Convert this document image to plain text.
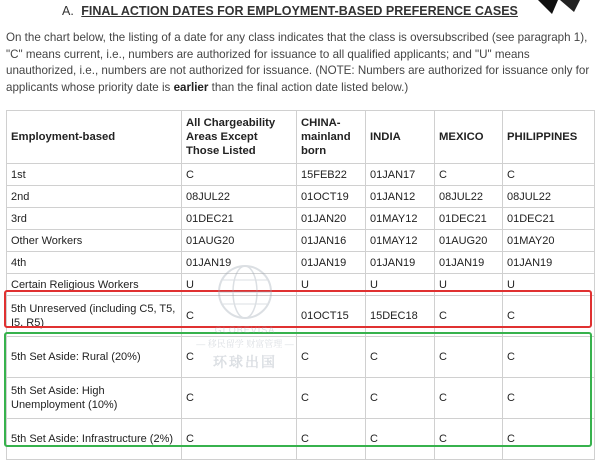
A. FINAL ACTION DATES FOR EMPLOYMENT-BASED PREFERENCE CASES
On the chart below, the listing of a date for any class indicates that the class is oversubscribed (see paragraph 1), "C" means current, i.e., numbers are authorized for issuance to all qualified applicants; and "U" means unauthorized, i.e., numbers are not authorized for issuance. (NOTE: Numbers are authorized for issuance only for applicants whose priority date is earlier than the final action date listed below.)
Employment-based	All Chargeability Areas Except Those Listed	CHINA-mainland born	INDIA	MEXICO	PHILIPPINES
1st	C	15FEB22	01JAN17	C	C
2nd	08JUL22	01OCT19	01JAN12	08JUL22	08JUL22
3rd	01DEC21	01JAN20	01MAY12	01DEC21	01DEC21
Other Workers	01AUG20	01JAN16	01MAY12	01AUG20	01MAY20
4th	01JAN19	01JAN19	01JAN19	01JAN19	01JAN19
Certain Religious Workers	U	U	U	U	U
5th Unreserved (including C5, T5, I5, R5)	C	01OCT15	15DEC18	C	C
5th Set Aside: Rural (20%)	C	C	C	C	C
5th Set Aside: High Unemployment (10%)	C	C	C	C	C
5th Set Aside: Infrastructure (2%)	C	C	C	C	C
GLOBEVISA
— 移民留学 财富管理 —
环球出国
